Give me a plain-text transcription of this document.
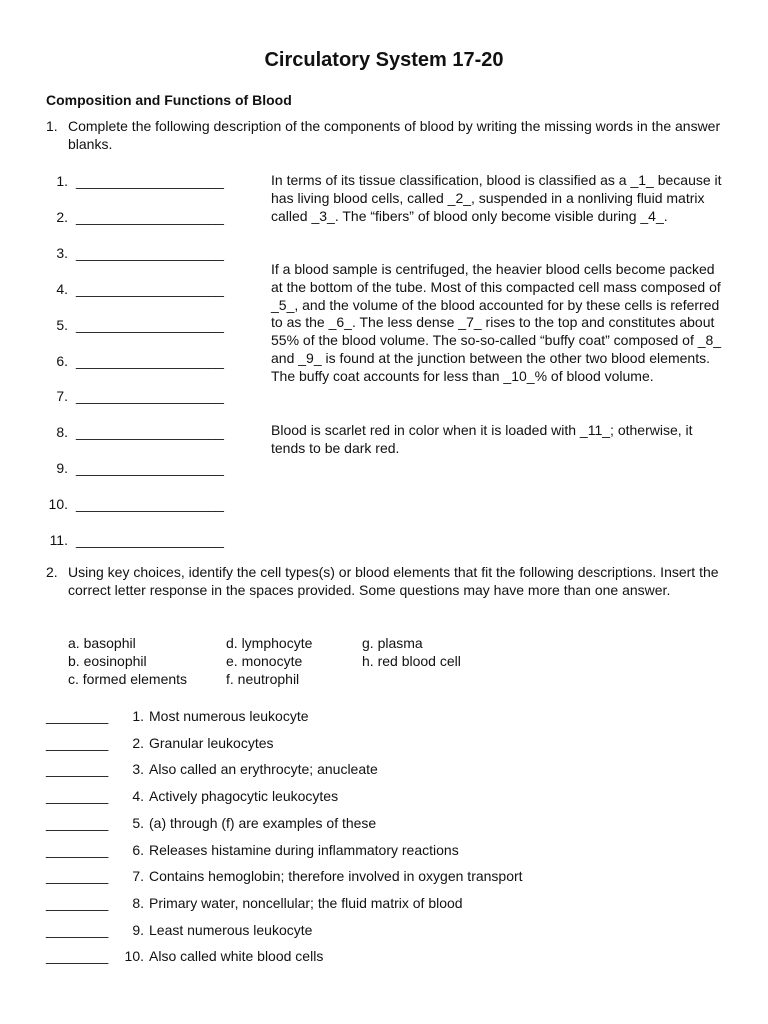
Circulatory System 17-20
Composition and Functions of Blood
1. Complete the following description of the components of blood by writing the missing words in the answer blanks.
1. ___________________
2. ___________________
3. ___________________
4. ___________________
5. ___________________
6. ___________________
7. ___________________
8. ___________________
9. ___________________
10. ___________________
11. ___________________
In terms of its tissue classification, blood is classified as a _1_ because it has living blood cells, called _2_, suspended in a nonliving fluid matrix called _3_. The “fibers” of blood only become visible during _4_.
If a blood sample is centrifuged, the heavier blood cells become packed at the bottom of the tube. Most of this compacted cell mass composed of _5_, and the volume of the blood accounted for by these cells is referred to as the _6_. The less dense _7_ rises to the top and constitutes about 55% of the blood volume. The so-so-called “buffy coat” composed of _8_ and _9_ is found at the junction between the other two blood elements. The buffy coat accounts for less than _10_% of blood volume.
Blood is scarlet red in color when it is loaded with _11_; otherwise, it tends to be dark red.
2. Using key choices, identify the cell types(s) or blood elements that fit the following descriptions. Insert the correct letter response in the spaces provided. Some questions may have more than one answer.
a. basophil
b. eosinophil
c. formed elements
d. lymphocyte
e. monocyte
f. neutrophil
g. plasma
h. red blood cell
________	1. Most numerous leukocyte
________	2. Granular leukocytes
________	3. Also called an erythrocyte; anucleate
________	4. Actively phagocytic leukocytes
________	5. (a) through (f) are examples of these
________	6. Releases histamine during inflammatory reactions
________	7. Contains hemoglobin; therefore involved in oxygen transport
________	8. Primary water, noncellular; the fluid matrix of blood
________	9. Least numerous leukocyte
________	10. Also called white blood cells
